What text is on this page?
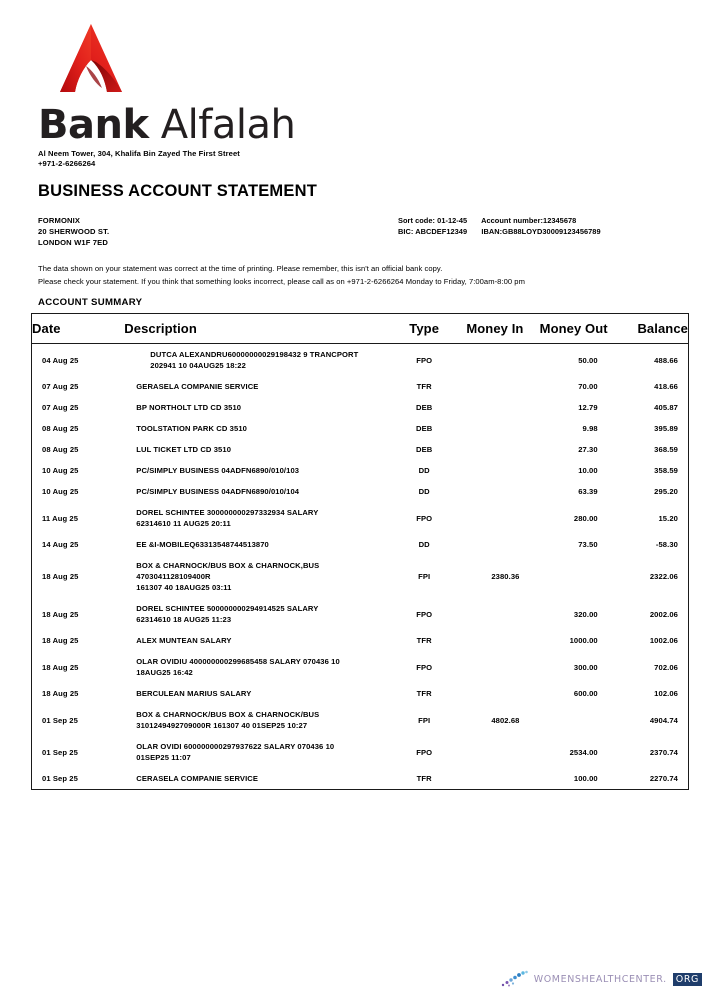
Bank Alfalah
Al Neem Tower, 304, Khalifa Bin Zayed The First Street
+971-2-6266264
BUSINESS ACCOUNT STATEMENT
FORMONIX
20 SHERWOOD ST.
LONDON W1F 7ED
Sort code: 01-12-45 Account number:12345678
BIC: ABCDEF12349 IBAN:GB88LOYD30009123456789
The data shown on your statement was correct at the time of printing. Please remember, this isn't an official bank copy.
Please check your statement. If you think that something looks incorrect, please call as on +971-2-6266264 Monday to Friday, 7:00am-8:00 pm
ACCOUNT SUMMARY
Date	Description	Type	Money In	Money Out	Balance
04 Aug 25	DUTCA ALEXANDRU60000000029198432 9 TRANCPORT
202941 10 04AUG25 18:22	FPO		50.00	488.66
07 Aug 25	GERASELA COMPANIE SERVICE	TFR		70.00	418.66
07 Aug 25	BP NORTHOLT LTD CD 3510	DEB		12.79	405.87
08 Aug 25	TOOLSTATION PARK CD 3510	DEB		9.98	395.89
08 Aug 25	LUL TICKET LTD CD 3510	DEB		27.30	368.59
10 Aug 25	PC/SIMPLY BUSINESS 04ADFN6890/010/103	DD		10.00	358.59
10 Aug 25	PC/SIMPLY BUSINESS 04ADFN6890/010/104	DD		63.39	295.20
11 Aug 25	DOREL SCHINTEE 300000000297332934 SALARY
62314610 11 AUG25 20:11	FPO		280.00	15.20
14 Aug 25	EE &I-MOBILEQ63313548744513870	DD		73.50	-58.30
18 Aug 25	BOX & CHARNOCK/BUS BOX & CHARNOCK,BUS 4703041128109400R
161307 40 18AUG25 03:11	FPI	2380.36		2322.06
18 Aug 25	DOREL SCHINTEE 500000000294914525 SALARY
62314610 18 AUG25 11:23	FPO		320.00	2002.06
18 Aug 25	ALEX MUNTEAN SALARY	TFR		1000.00	1002.06
18 Aug 25	OLAR OVIDIU 400000000299685458 SALARY 070436 10
18AUG25 16:42	FPO		300.00	702.06
18 Aug 25	BERCULEAN MARIUS SALARY	TFR		600.00	102.06
01 Sep 25	BOX & CHARNOCK/BUS BOX & CHARNOCK/BUS
3101249492709000R 161307 40 01SEP25 10:27	FPI	4802.68		4904.74
01 Sep 25	OLAR OVIDI 600000000297937622 SALARY 070436 10
01SEP25 11:07	FPO		2534.00	2370.74
01 Sep 25	CERASELA COMPANIE SERVICE	TFR		100.00	2270.74
WOMENSHEALTHCENTER. ORG
